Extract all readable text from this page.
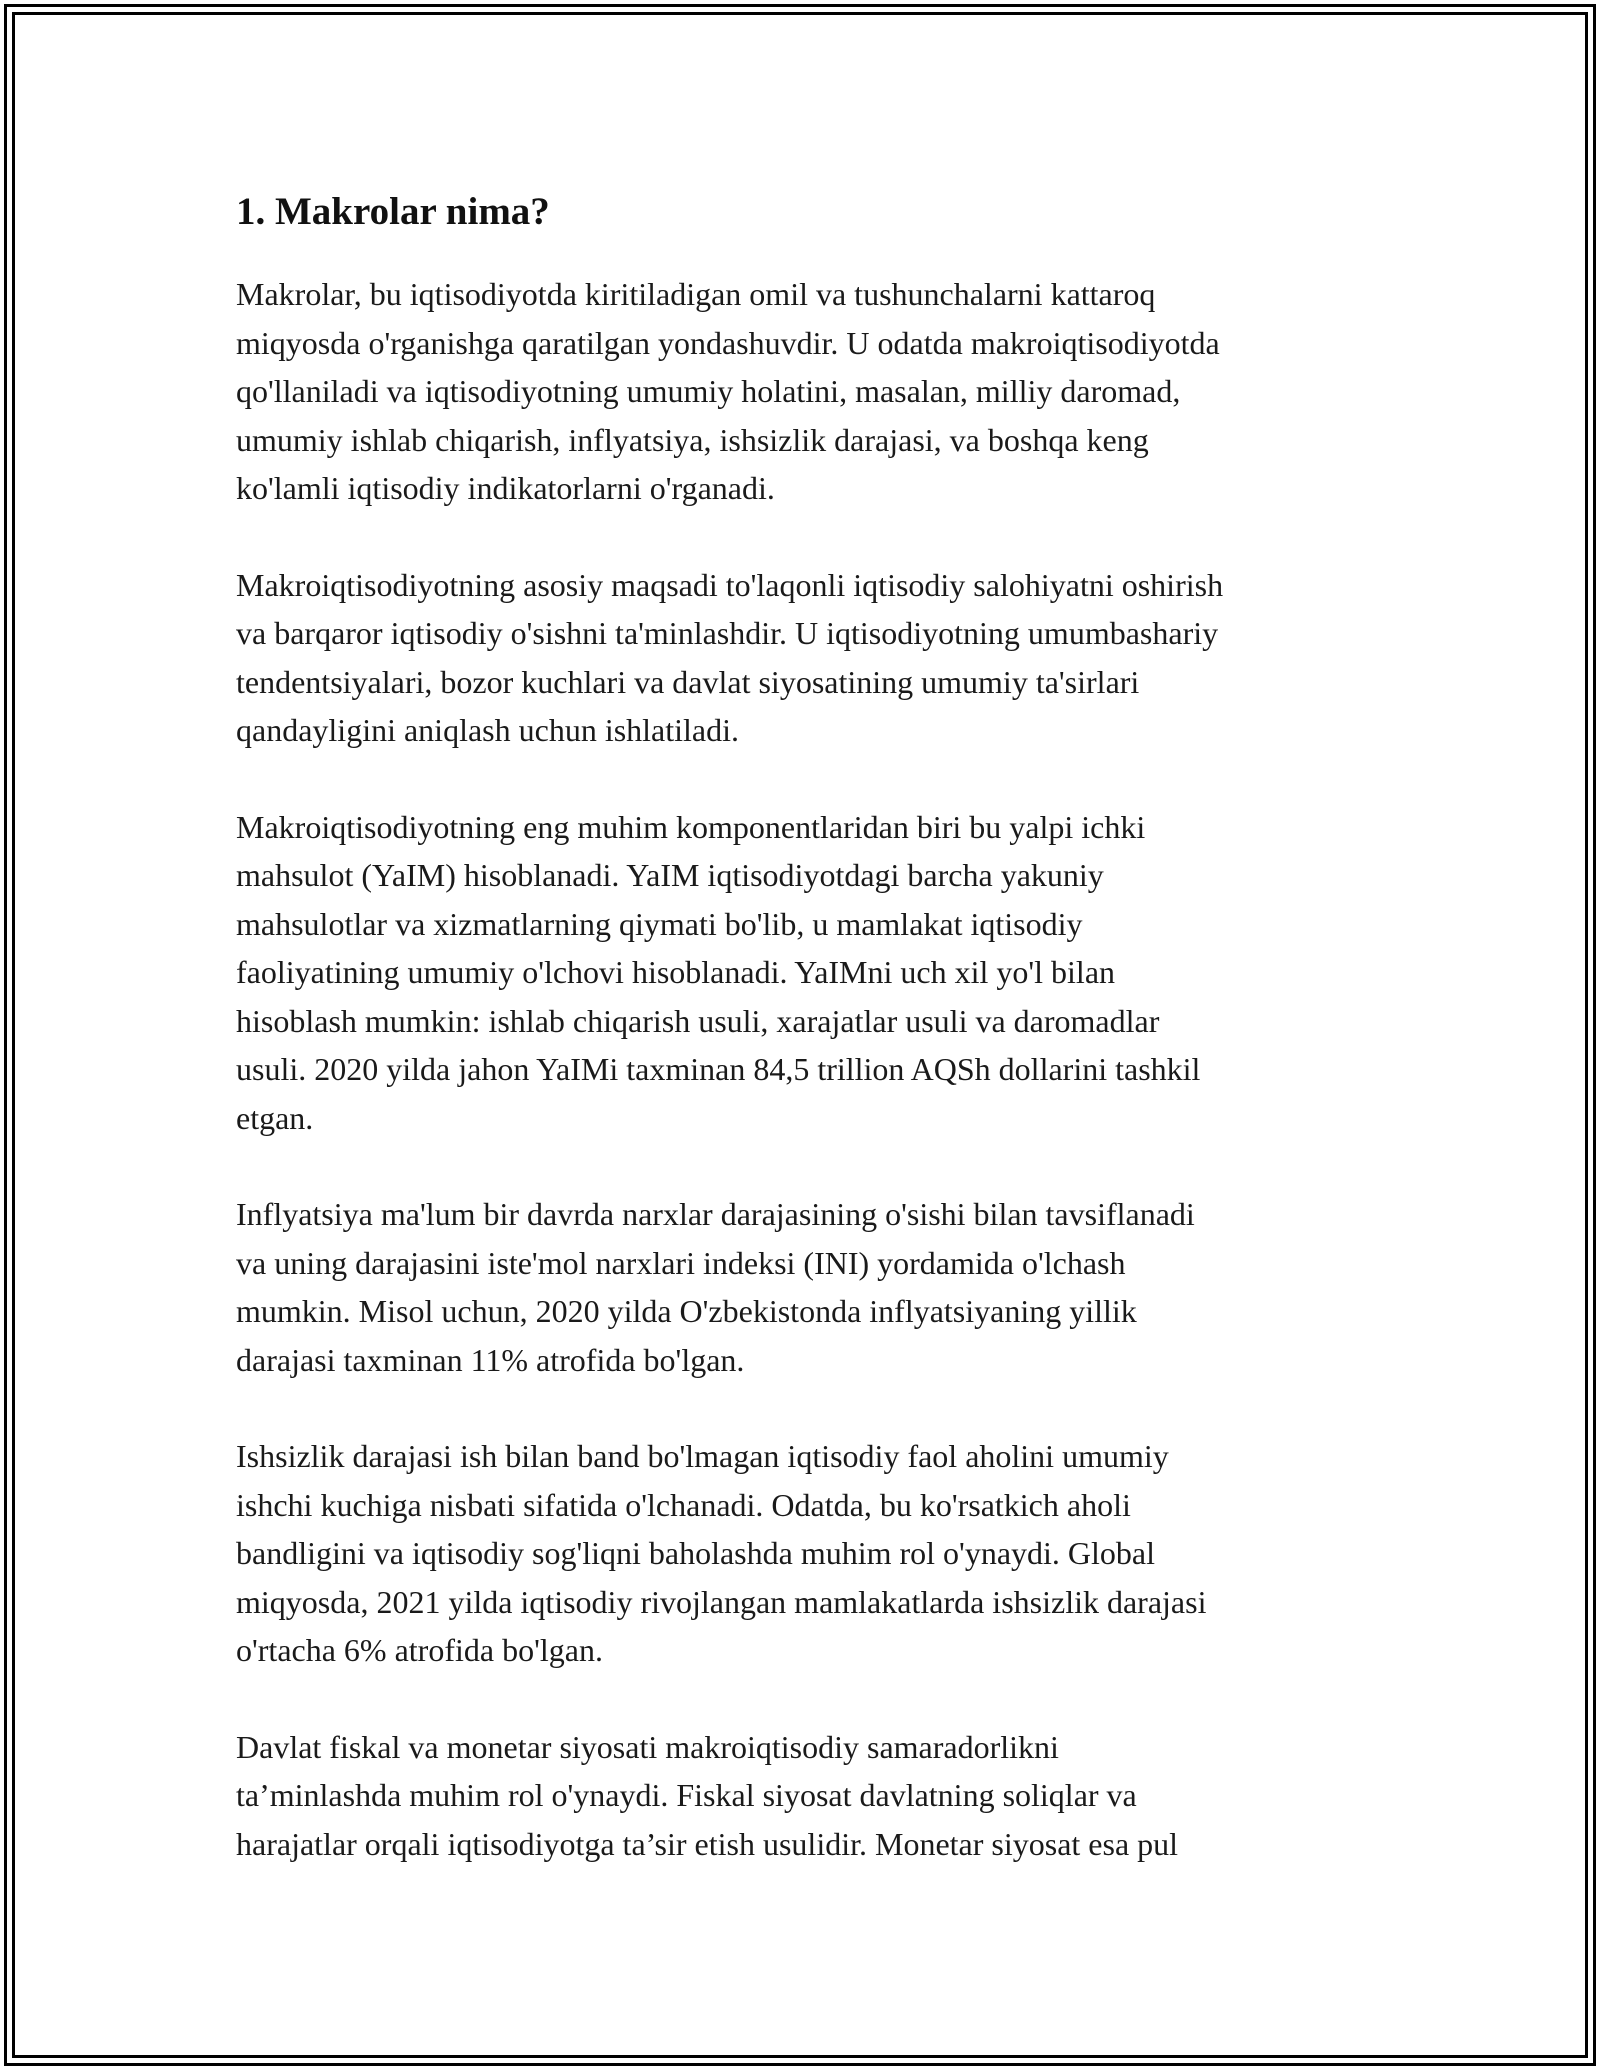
1. Makrolar nima?

Makrolar, bu iqtisodiyotda kiritiladigan omil va tushunchalarni kattaroq
miqyosda o'rganishga qaratilgan yondashuvdir. U odatda makroiqtisodiyotda
qo'llaniladi va iqtisodiyotning umumiy holatini, masalan, milliy daromad,
umumiy ishlab chiqarish, inflyatsiya, ishsizlik darajasi, va boshqa keng
ko'lamli iqtisodiy indikatorlarni o'rganadi.

Makroiqtisodiyotning asosiy maqsadi to'laqonli iqtisodiy salohiyatni oshirish
va barqaror iqtisodiy o'sishni ta'minlashdir. U iqtisodiyotning umumbashariy
tendentsiyalari, bozor kuchlari va davlat siyosatining umumiy ta'sirlari
qandayligini aniqlash uchun ishlatiladi.

Makroiqtisodiyotning eng muhim komponentlaridan biri bu yalpi ichki
mahsulot (YaIM) hisoblanadi. YaIM iqtisodiyotdagi barcha yakuniy
mahsulotlar va xizmatlarning qiymati bo'lib, u mamlakat iqtisodiy
faoliyatining umumiy o'lchovi hisoblanadi. YaIMni uch xil yo'l bilan
hisoblash mumkin: ishlab chiqarish usuli, xarajatlar usuli va daromadlar
usuli. 2020 yilda jahon YaIMi taxminan 84,5 trillion AQSh dollarini tashkil
etgan.

Inflyatsiya ma'lum bir davrda narxlar darajasining o'sishi bilan tavsiflanadi
va uning darajasini iste'mol narxlari indeksi (INI) yordamida o'lchash
mumkin. Misol uchun, 2020 yilda O'zbekistonda inflyatsiyaning yillik
darajasi taxminan 11% atrofida bo'lgan.

Ishsizlik darajasi ish bilan band bo'lmagan iqtisodiy faol aholini umumiy
ishchi kuchiga nisbati sifatida o'lchanadi. Odatda, bu ko'rsatkich aholi
bandligini va iqtisodiy sog'liqni baholashda muhim rol o'ynaydi. Global
miqyosda, 2021 yilda iqtisodiy rivojlangan mamlakatlarda ishsizlik darajasi
o'rtacha 6% atrofida bo'lgan.

Davlat fiskal va monetar siyosati makroiqtisodiy samaradorlikni
ta’minlashda muhim rol o'ynaydi. Fiskal siyosat davlatning soliqlar va
harajatlar orqali iqtisodiyotga ta’sir etish usulidir. Monetar siyosat esa pul
